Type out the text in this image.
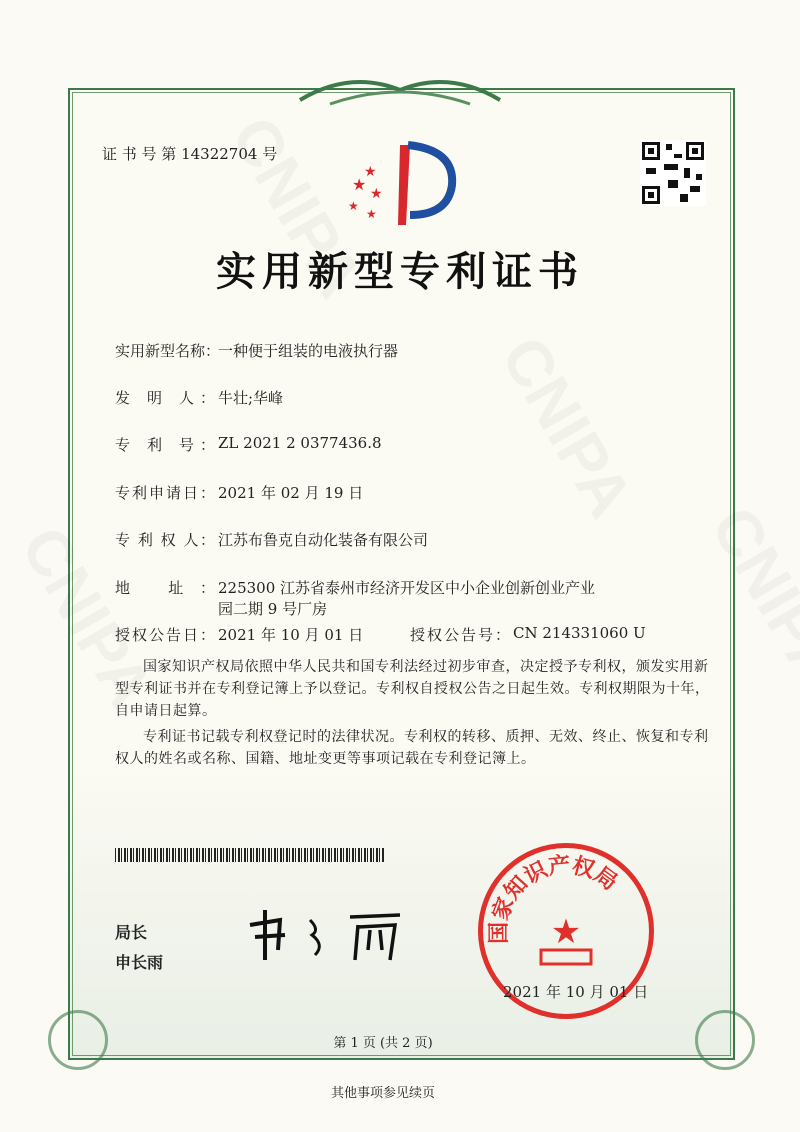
证 书 号 第 14322704 号
★
★
★
★
★
实用新型专利证书
实用新型名称：
一种便于组装的电液执行器
发 明 人： 牛壮;华峰
专 利 号： ZL 2021 2 0377436.8
专利申请日： 2021 年 02 月 19 日
专 利 权 人： 江苏布鲁克自动化装备有限公司
地 址： 225300 江苏省泰州市经济开发区中小企业创新创业产业
园二期 9 号厂房
授权公告日： 2021 年 10 月 01 日	授权公告号： CN 214331060 U

国家知识产权局依照中华人民共和国专利法经过初步审查，决定授予专利权，颁发实用新型专利证书并在专利登记簿上予以登记。专利权自授权公告之日起生效。专利权期限为十年，自申请日起算。

专利证书记载专利权登记时的法律状况。专利权的转移、质押、无效、终止、恢复和专利权人的姓名或名称、国籍、地址变更等事项记载在专利登记簿上。

局长
申长雨
国家知识产权局
★
2021 年 10 月 01 日
第 1 页 (共 2 页)
其他事项参见续页
